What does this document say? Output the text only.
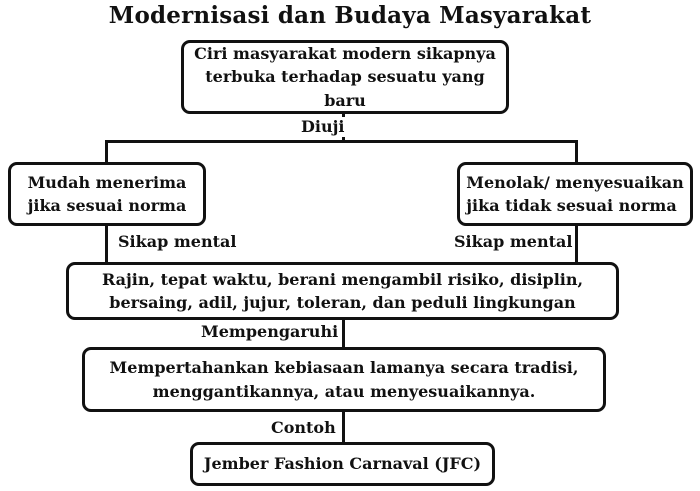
Modernisasi dan Budaya Masyarakat
Ciri masyarakat modern sikapnya
terbuka terhadap sesuatu yang baru
Mudah menerima
jika sesuai norma
Menolak/ menyesuaikan
jika tidak sesuai norma
Rajin, tepat waktu, berani mengambil risiko, disiplin,
bersaing, adil, jujur, toleran, dan peduli lingkungan
Mempertahankan kebiasaan lamanya secara tradisi,
menggantikannya, atau menyesuaikannya.
Jember Fashion Carnaval (JFC)
Diuji
Sikap mental	Sikap mental
Mempengaruhi
Contoh
